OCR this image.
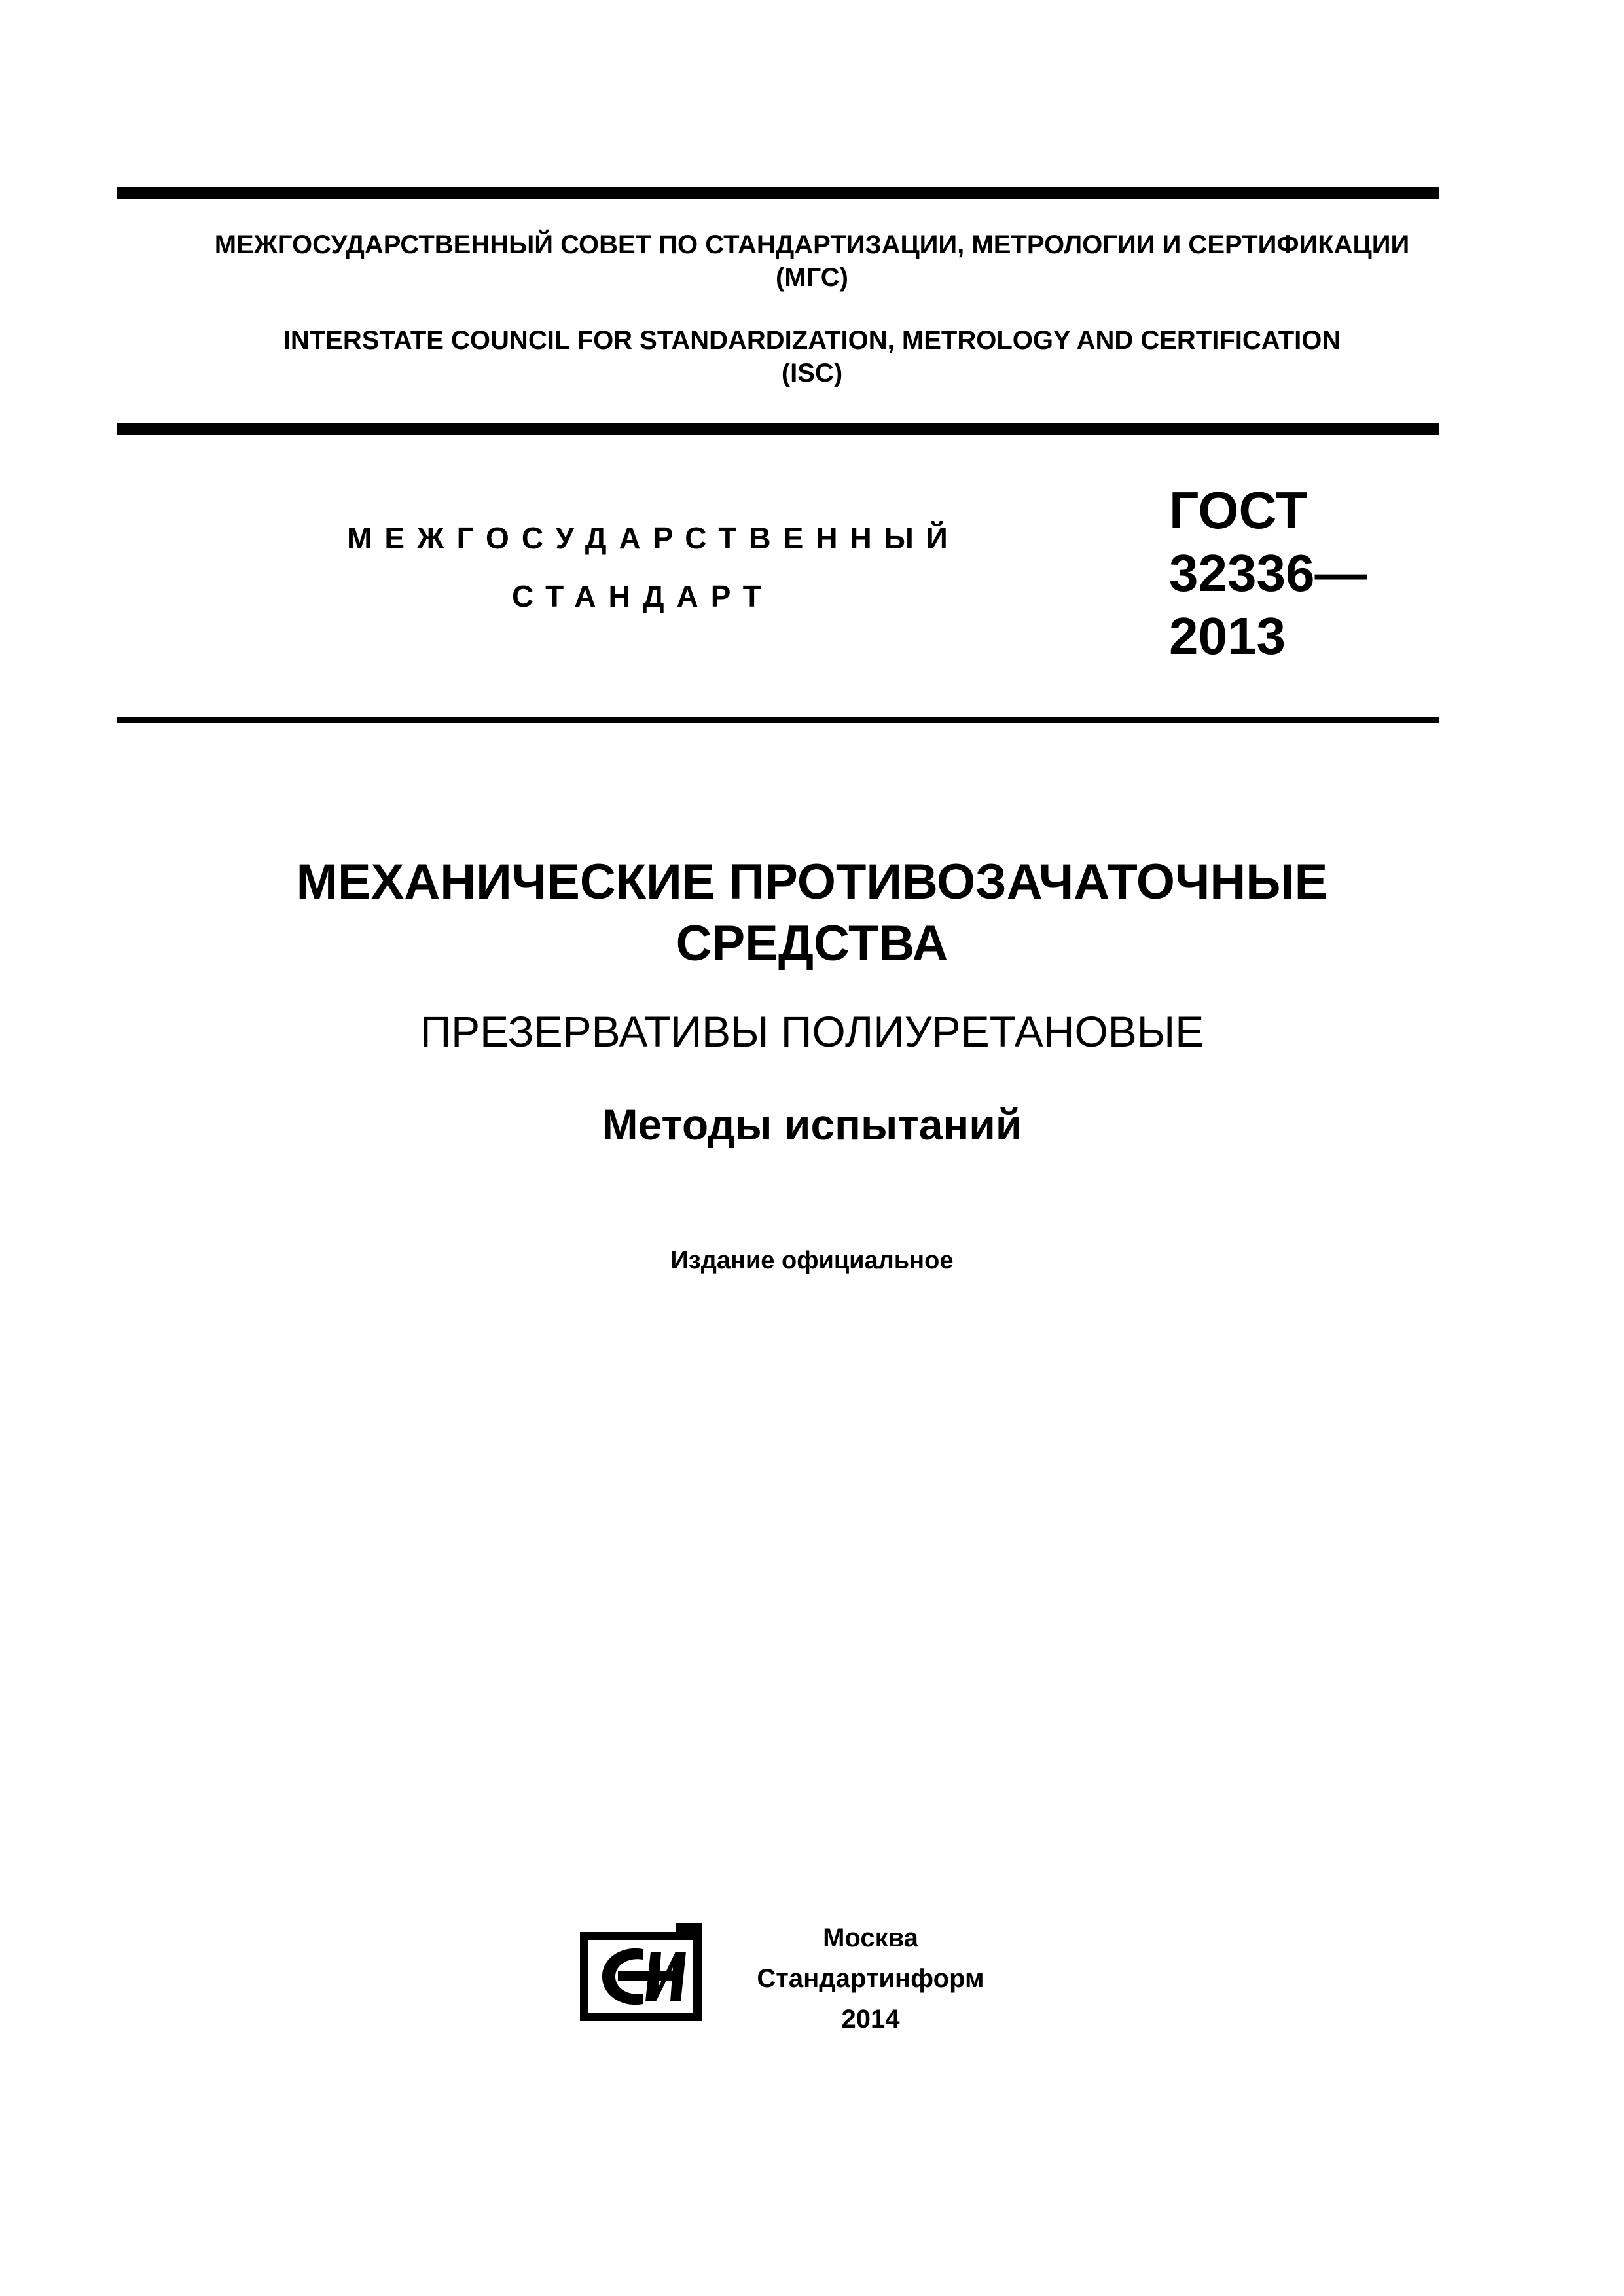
МЕЖГОСУДАРСТВЕННЫЙ СОВЕТ ПО СТАНДАРТИЗАЦИИ, МЕТРОЛОГИИ И СЕРТИФИКАЦИИ
(МГС)
INTERSTATE COUNCIL FOR STANDARDIZATION, METROLOGY AND CERTIFICATION
(ISC)
МЕЖГОСУДАРСТВЕННЫЙ
СТАНДАРТ
ГОСТ
32336—
2013
МЕХАНИЧЕСКИЕ ПРОТИВОЗАЧАТОЧНЫЕ
СРЕДСТВА
ПРЕЗЕРВАТИВЫ ПОЛИУРЕТАНОВЫЕ
Методы испытаний
Издание официальное
Москва
Стандартинформ
2014
